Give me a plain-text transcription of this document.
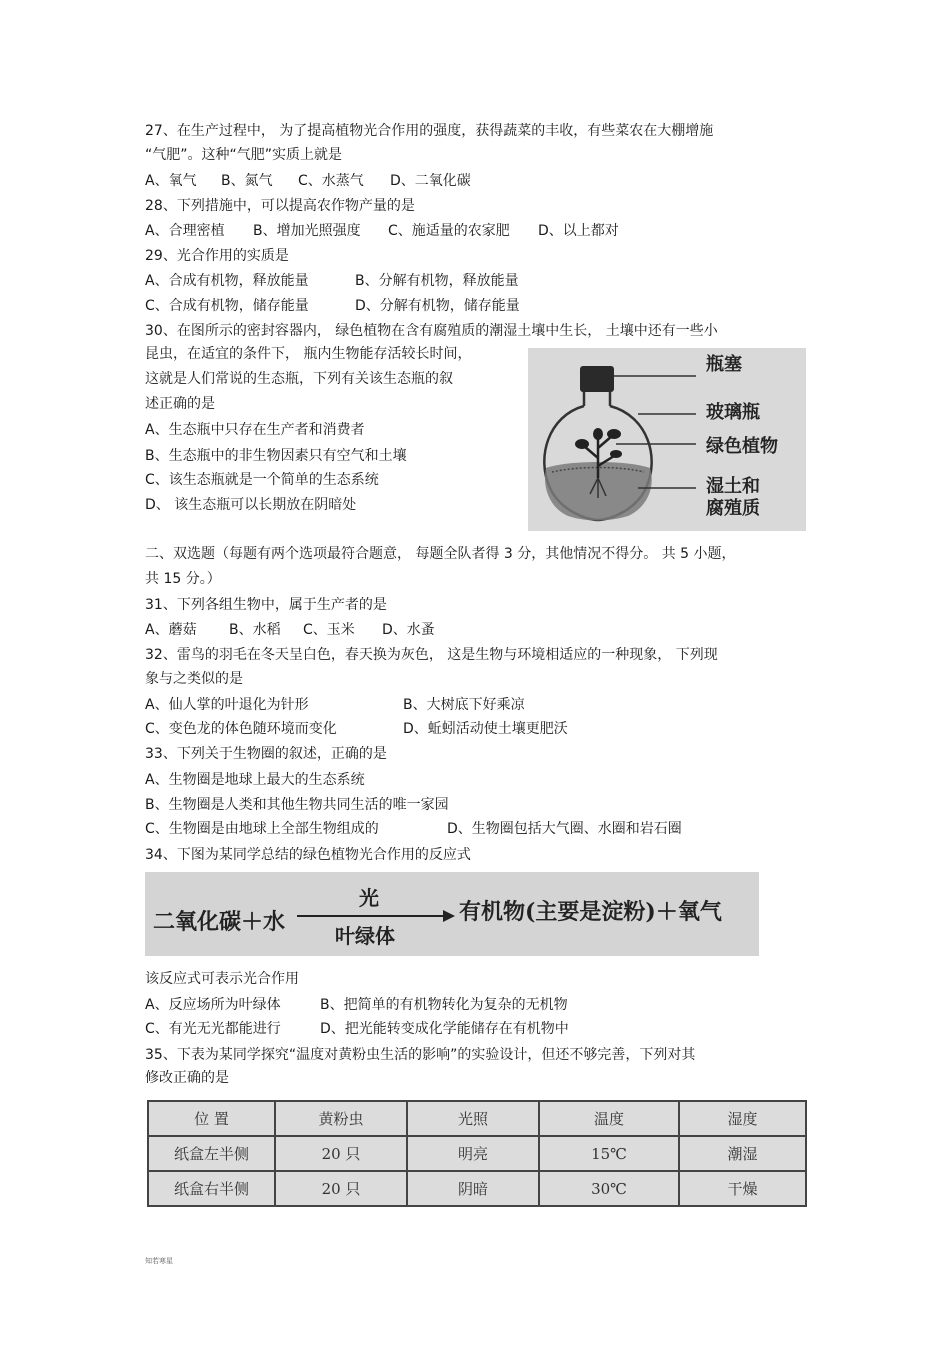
27、在生产过程中， 为了提高植物光合作用的强度，获得蔬菜的丰收，有些菜农在大棚增施
“气肥”。这种“气肥”实质上就是
A、氧气 B、氮气 C、水蒸气 D、二氧化碳
28、下列措施中，可以提高农作物产量的是
A、合理密植 B、增加光照强度 C、施适量的农家肥 D、以上都对
29、光合作用的实质是
A、合成有机物，释放能量	B、分解有机物，释放能量
C、合成有机物，储存能量	D、分解有机物，储存能量
30、在图所示的密封容器内， 绿色植物在含有腐殖质的潮湿土壤中生长， 土壤中还有一些小
昆虫，在适宜的条件下， 瓶内生物能存活较长时间，
这就是人们常说的生态瓶，下列有关该生态瓶的叙
述正确的是
A、生态瓶中只存在生产者和消费者
B、生态瓶中的非生物因素只有空气和土壤
C、该生态瓶就是一个简单的生态系统
D、 该生态瓶可以长期放在阴暗处
瓶塞
玻璃瓶
绿色植物
湿土和
腐殖质
二、双选题（每题有两个选项最符合题意， 每题全队者得 3 分，其他情况不得分。 共 5 小题，
共 15 分。）
31、下列各组生物中，属于生产者的是
A、蘑菇 B、水稻 C、玉米 D、水蚤
32、雷鸟的羽毛在冬天呈白色，春天换为灰色， 这是生物与环境相适应的一种现象， 下列现
象与之类似的是
A、仙人掌的叶退化为针形	B、大树底下好乘凉
C、变色龙的体色随环境而变化	D、蚯蚓活动使土壤更肥沃
33、下列关于生物圈的叙述，正确的是
A、生物圈是地球上最大的生态系统
B、生物圈是人类和其他生物共同生活的唯一家园
C、生物圈是由地球上全部生物组成的	D、生物圈包括大气圈、水圈和岩石圈
34、下图为某同学总结的绿色植物光合作用的反应式
二氧化碳＋水
光
叶绿体
有机物(主要是淀粉)＋氧气
该反应式可表示光合作用
A、反应场所为叶绿体	B、把简单的有机物转化为复杂的无机物
C、有光无光都能进行	D、把光能转变成化学能储存在有机物中
35、下表为某同学探究“温度对黄粉虫生活的影响”的实验设计，但还不够完善，下列对其
修改正确的是
位 置	黄粉虫	光照	温度	湿度
纸盒左半侧	20 只	明亮	15℃	潮湿
纸盒右半侧	20 只	阴暗	30℃	干燥
知若寒星
